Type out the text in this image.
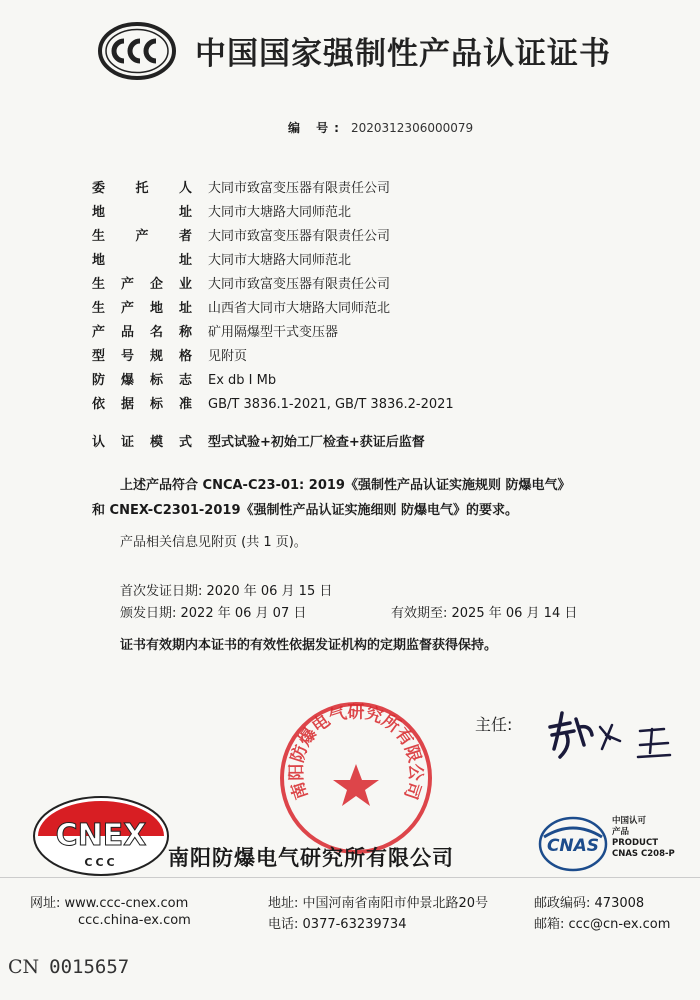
中国国家强制性产品认证证书
编 号: 2020312306000079
委托人 大同市致富变压器有限责任公司
地址 大同市大塘路大同师范北
生产者 大同市致富变压器有限责任公司
地址 大同市大塘路大同师范北
生产企业 大同市致富变压器有限责任公司
生产地址 山西省大同市大塘路大同师范北
产品名称 矿用隔爆型干式变压器
型号规格 见附页
防爆标志 Ex db Ⅰ Mb
依据标准 GB/T 3836.1-2021, GB/T 3836.2-2021
认证模式 型式试验+初始工厂检查+获证后监督
上述产品符合 CNCA-C23-01: 2019《强制性产品认证实施规则 防爆电气》
和 CNEX-C2301-2019《强制性产品认证实施细则 防爆电气》的要求。
产品相关信息见附页 (共 1 页)。
首次发证日期: 2020 年 06 月 15 日
颁发日期: 2022 年 06 月 07 日	有效期至: 2025 年 06 月 14 日
证书有效期内本证书的有效性依据发证机构的定期监督获得保持。
主任:
南阳防爆电气研究所有限公司
CNEX
CCC 南阳防爆电气研究所有限公司	CNAS
中国认可
产品
PRODUCT
CNAS C208-P
网址: www.ccc-cnex.com
ccc.china-ex.com
地址: 中国河南省南阳市仲景北路20号
电话: 0377-63239734
邮政编码: 473008
邮箱: ccc@cn-ex.com
CN 0015657
